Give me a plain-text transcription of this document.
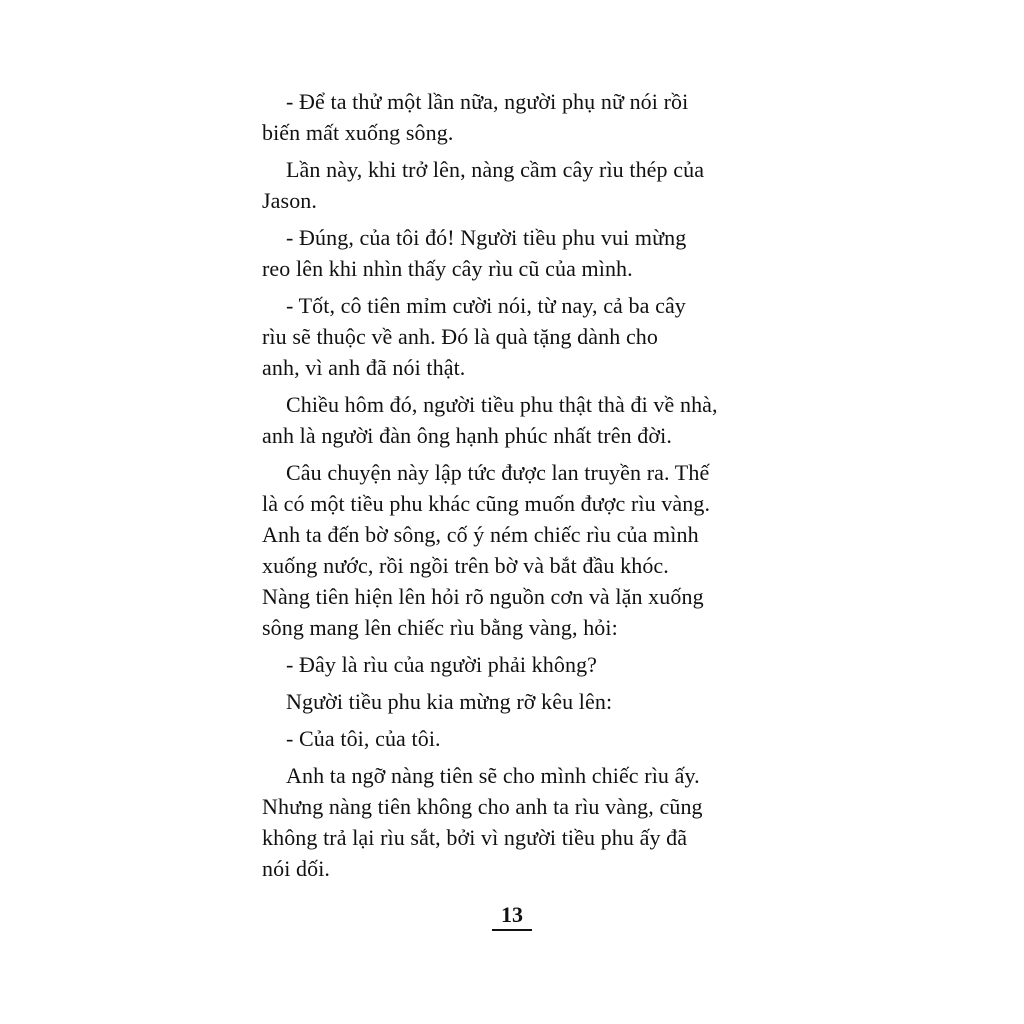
- Để ta thử một lần nữa, người phụ nữ nói rồi
biến mất xuống sông.

Lần này, khi trở lên, nàng cầm cây rìu thép của
Jason.

- Đúng, của tôi đó! Người tiều phu vui mừng
reo lên khi nhìn thấy cây rìu cũ của mình.

- Tốt, cô tiên mỉm cười nói, từ nay, cả ba cây
rìu sẽ thuộc về anh. Đó là quà tặng dành cho
anh, vì anh đã nói thật.

Chiều hôm đó, người tiều phu thật thà đi về nhà,
anh là người đàn ông hạnh phúc nhất trên đời.

Câu chuyện này lập tức được lan truyền ra. Thế
là có một tiều phu khác cũng muốn được rìu vàng.
Anh ta đến bờ sông, cố ý ném chiếc rìu của mình
xuống nước, rồi ngồi trên bờ và bắt đầu khóc.
Nàng tiên hiện lên hỏi rõ nguồn cơn và lặn xuống
sông mang lên chiếc rìu bằng vàng, hỏi:

- Đây là rìu của người phải không?

Người tiều phu kia mừng rỡ kêu lên:

- Của tôi, của tôi.

Anh ta ngỡ nàng tiên sẽ cho mình chiếc rìu ấy.
Nhưng nàng tiên không cho anh ta rìu vàng, cũng
không trả lại rìu sắt, bởi vì người tiều phu ấy đã
nói dối.

13
